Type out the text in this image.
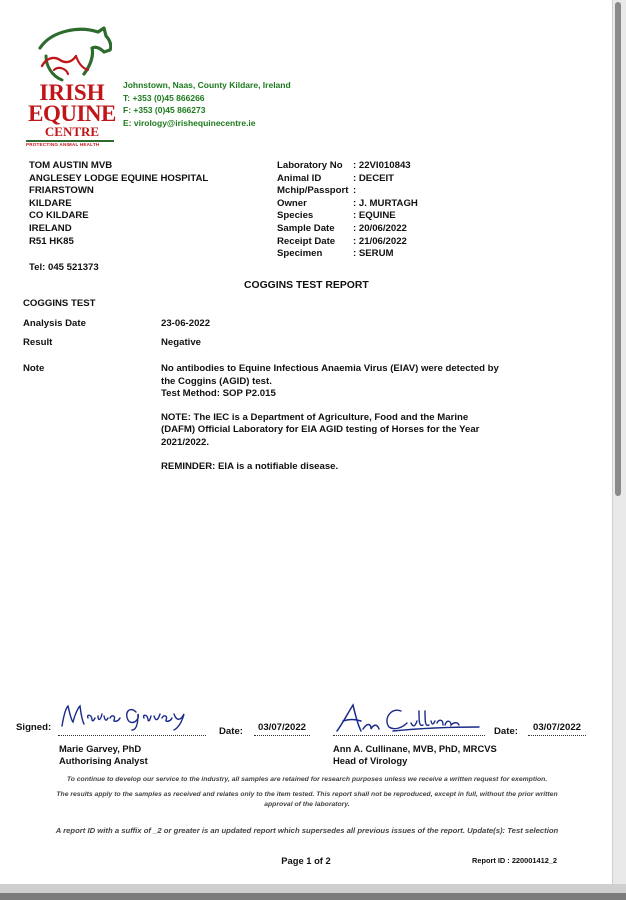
IRISH
EQUINE
CENTRE
PROTECTING ANIMAL HEALTH
Johnstown, Naas, County Kildare, Ireland
T: +353 (0)45 866266
F: +353 (0)45 866273
E: virology@irishequinecentre.ie
TOM AUSTIN MVB
ANGLESEY LODGE EQUINE HOSPITAL
FRIARSTOWN
KILDARE
CO KILDARE
IRELAND
R51 HK85
Tel: 045 521373
Laboratory No	: 22VI010843
Animal ID	: DECEIT
Mchip/Passport :
Owner	: J. MURTAGH
Species	: EQUINE
Sample Date	: 20/06/2022
Receipt Date	: 21/06/2022
Specimen	: SERUM
COGGINS TEST REPORT
COGGINS TEST
Analysis Date	23-06-2022
Result	Negative
Note	No antibodies to Equine Infectious Anaemia Virus (EIAV) were detected by the Coggins (AGID) test.

Test Method: SOP P2.015

NOTE: The IEC is a Department of Agriculture, Food and the Marine (DAFM) Official Laboratory for EIA AGID testing of Horses for the Year 2021/2022.

REMINDER: EIA is a notifiable disease.

Signed:	Date:	03/07/2022	Date:	03/07/2022
Marie Garvey, PhD
Authorising Analyst
Ann A. Cullinane, MVB, PhD, MRCVS
Head of Virology

To continue to develop our service to the industry, all samples are retained for research purposes unless we receive a written request for exemption.

The results apply to the samples as received and relates only to the item tested. This report shall not be reproduced, except in full, without the prior written approval of the laboratory.

A report ID with a suffix of _2 or greater is an updated report which supersedes all previous issues of the report. Update(s): Test selection
Page 1 of 2	Report ID : 220001412_2
